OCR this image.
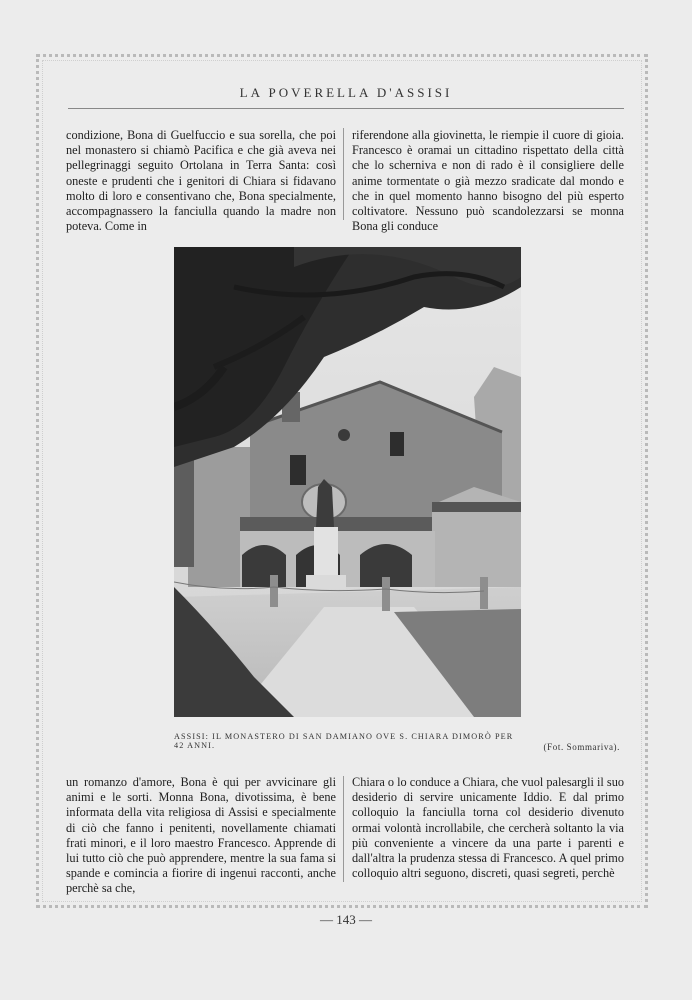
LA POVERELLA D'ASSISI

condizione, Bona di Guelfuccio e sua sorella, che poi nel monastero si chiamò Pacifica e che già aveva nei pellegrinaggi seguito Ortolana in Terra Santa: così oneste e prudenti che i genitori di Chiara si fidavano molto di loro e consentivano che, Bona specialmente, accompagnassero la fanciulla quando la madre non poteva. Come in

riferendone alla giovinetta, le riempie il cuore di gioia. Francesco è oramai un cittadino rispettato della città che lo scherniva e non di rado è il consigliere delle anime tormentate o già mezzo sradicate dal mondo e che in quel momento hanno bisogno del più esperto coltivatore. Nessuno può scandolezzarsi se monna Bona gli conduce

ASSISI: IL MONASTERO DI SAN DAMIANO OVE S. CHIARA DIMORÒ PER 42 ANNI.	(Fot. Sommariva).

un romanzo d'amore, Bona è qui per avvicinare gli animi e le sorti. Monna Bona, divotissima, è bene informata della vita religiosa di Assisi e specialmente di ciò che fanno i penitenti, novellamente chiamati frati minori, e il loro maestro Francesco. Apprende di lui tutto ciò che può apprendere, mentre la sua fama si spande e comincia a fiorire di ingenui racconti, anche perchè sa che,

Chiara o lo conduce a Chiara, che vuol palesargli il suo desiderio di servire unicamente Iddio. E dal primo colloquio la fanciulla torna col desiderio divenuto ormai volontà incrollabile, che cercherà soltanto la via più conveniente a vincere da una parte i parenti e dall'altra la prudenza stessa di Francesco. A quel primo colloquio altri seguono, discreti, quasi segreti, perchè

— 143 —
